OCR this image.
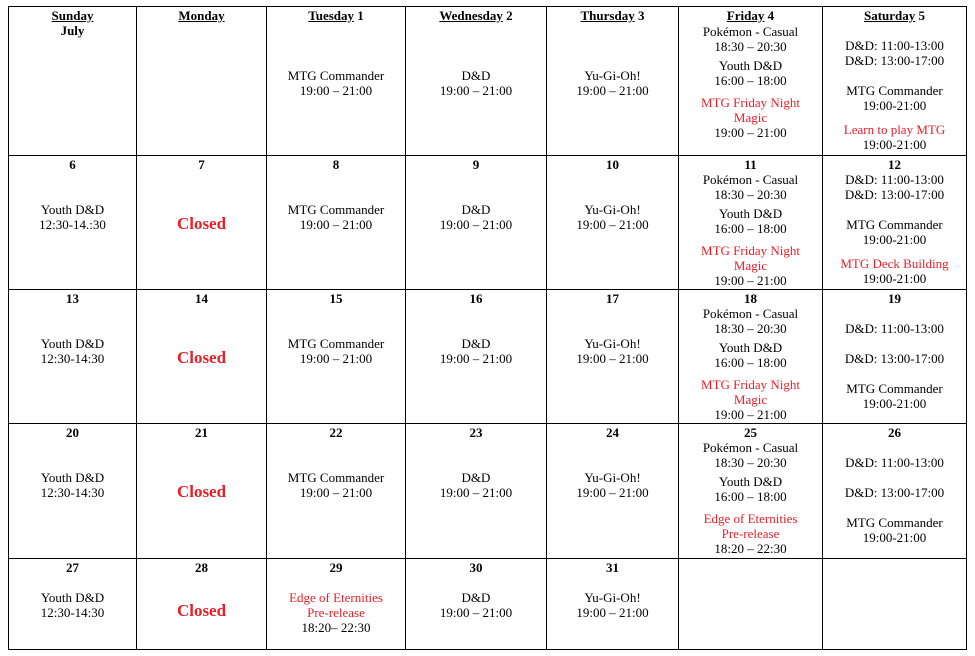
Sunday
July
Monday	Tuesday 1
MTG Commander
19:00 – 21:00
Wednesday 2
D&D
19:00 – 21:00
Thursday 3
Yu-Gi-Oh!
19:00 – 21:00
Friday 4
Pokémon - Casual
18:30 – 20:30
Youth D&D
16:00 – 18:00
MTG Friday Night Magic
19:00 – 21:00
Saturday 5
D&D: 11:00-13:00
D&D: 13:00-17:00
MTG Commander
19:00-21:00
Learn to play MTG
19:00-21:00
6
Youth D&D
12:30-14.:30
7
Closed
8
MTG Commander
19:00 – 21:00
9
D&D
19:00 – 21:00
10
Yu-Gi-Oh!
19:00 – 21:00
11
Pokémon - Casual
18:30 – 20:30
Youth D&D
16:00 – 18:00
MTG Friday Night Magic
19:00 – 21:00
12
D&D: 11:00-13:00
D&D: 13:00-17:00
MTG Commander
19:00-21:00
MTG Deck Building
19:00-21:00
13
Youth D&D
12:30-14:30
14
Closed
15
MTG Commander
19:00 – 21:00
16
D&D
19:00 – 21:00
17
Yu-Gi-Oh!
19:00 – 21:00
18
Pokémon - Casual
18:30 – 20:30
Youth D&D
16:00 – 18:00
MTG Friday Night Magic
19:00 – 21:00
19
D&D: 11:00-13:00
D&D: 13:00-17:00
MTG Commander
19:00-21:00
20
Youth D&D
12:30-14:30
21
Closed
22
MTG Commander
19:00 – 21:00
23
D&D
19:00 – 21:00
24
Yu-Gi-Oh!
19:00 – 21:00
25
Pokémon - Casual
18:30 – 20:30
Youth D&D
16:00 – 18:00
Edge of Eternities Pre-release
18:20 – 22:30
26
D&D: 11:00-13:00
D&D: 13:00-17:00
MTG Commander
19:00-21:00
27
Youth D&D
12:30-14:30
28
Closed
29
Edge of Eternities Pre-release
18:20– 22:30
30
D&D
19:00 – 21:00
31
Yu-Gi-Oh!
19:00 – 21:00
